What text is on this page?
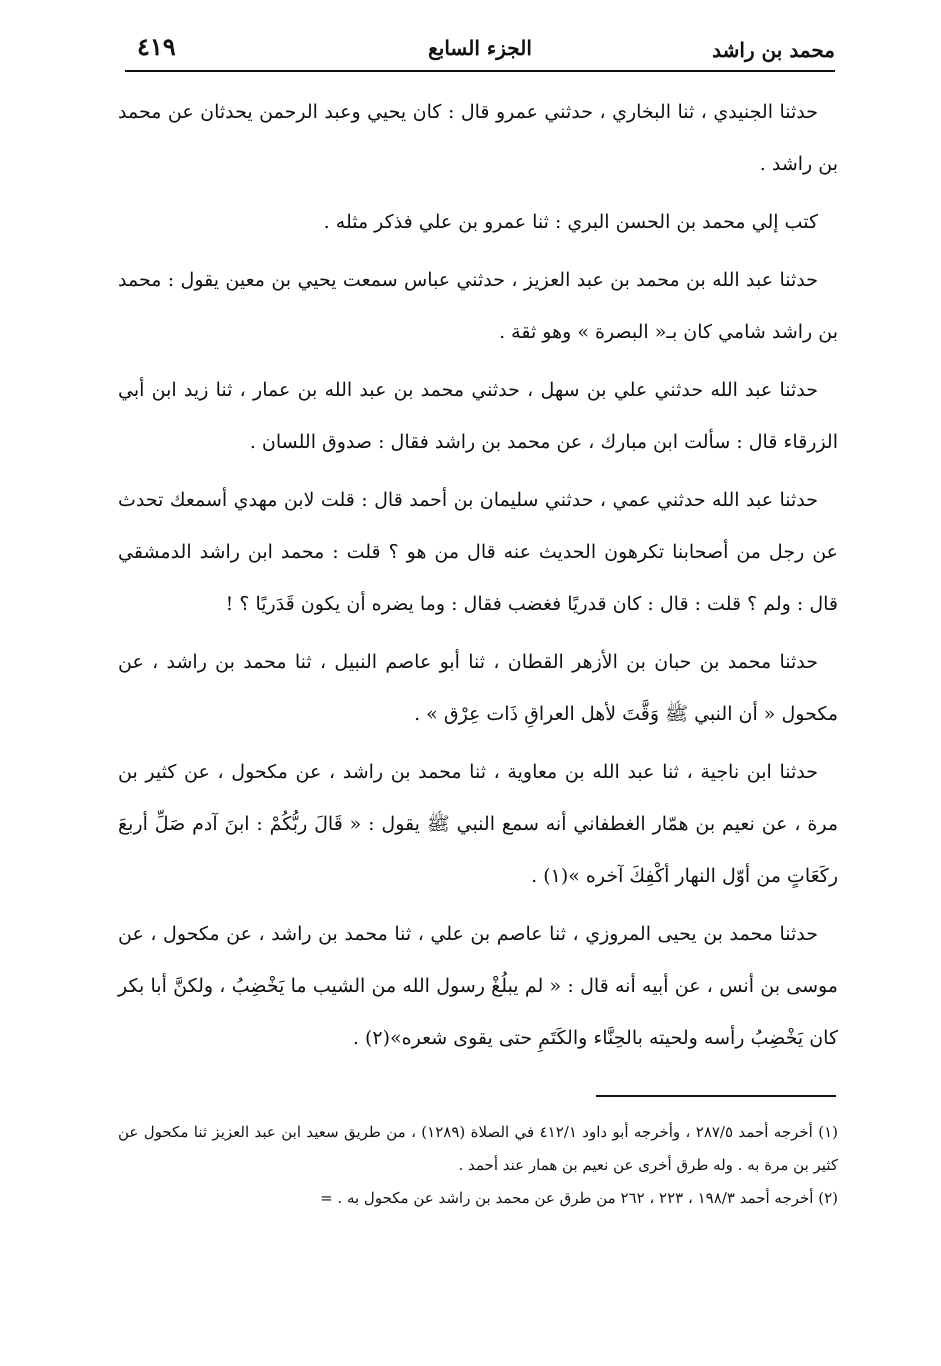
محمد بن راشد
الجزء السابع
٤١٩

حدثنا الجنيدي ، ثنا البخاري ، حدثني عمرو قال : كان يحيي وعبد الرحمن يحدثان عن محمد بن راشد .

كتب إلي محمد بن الحسن البري : ثنا عمرو بن علي فذكر مثله .

حدثنا عبد الله بن محمد بن عبد العزيز ، حدثني عباس سمعت يحيي بن معين يقول : محمد بن راشد شامي كان بـ« البصرة » وهو ثقة .

حدثنا عبد الله حدثني علي بن سهل ، حدثني محمد بن عبد الله بن عمار ، ثنا زيد ابن أبي الزرقاء قال : سألت ابن مبارك ، عن محمد بن راشد فقال : صدوق اللسان .

حدثنا عبد الله حدثني عمي ، حدثني سليمان بن أحمد قال : قلت لابن مهدي أسمعك تحدث عن رجل من أصحابنا تكرهون الحديث عنه قال من هو ؟ قلت : محمد ابن راشد الدمشقي قال : ولم ؟ قلت : قال : كان قدريًا فغضب فقال : وما يضره أن يكون قَدَريًا ؟ !

حدثنا محمد بن حبان بن الأزهر القطان ، ثنا أبو عاصم النبيل ، ثنا محمد بن راشد ، عن مكحول « أن النبي ﷺ وَقَّتَ لأهل العراقِ ذَات عِرْق » .

حدثنا ابن ناجية ، ثنا عبد الله بن معاوية ، ثنا محمد بن راشد ، عن مكحول ، عن كثير بن مرة ، عن نعيم بن همّار الغطفاني أنه سمع النبي ﷺ يقول : « قَالَ ربُّكُمْ : ابنَ آدم صَلِّ أربعَ ركَعَاتٍ من أوّل النهار أكْفِكَ آخره »(١) .

حدثنا محمد بن يحيى المروزي ، ثنا عاصم بن علي ، ثنا محمد بن راشد ، عن مكحول ، عن موسى بن أنس ، عن أبيه أنه قال : « لم يبلُغْ رسول الله من الشيب ما يَخْضِبُ ، ولكنَّ أبا بكر كان يَخْضِبُ رأسه ولحيته بالحِنَّاء والكَتَمِ حتى يقوى شعره»(٢) .

(١) أخرجه أحمد ٢٨٧/٥ ، وأخرجه أبو داود ٤١٢/١ في الصلاة (١٢٨٩) ، من طريق سعيد ابن عبد العزيز ثنا مكحول عن كثير بن مرة به . وله طرق أخرى عن نعيم بن همار عند أحمد .

(٢) أخرجه أحمد ١٩٨/٣ ، ٢٢٣ ، ٢٦٢ من طرق عن محمد بن راشد عن مكحول به . =
